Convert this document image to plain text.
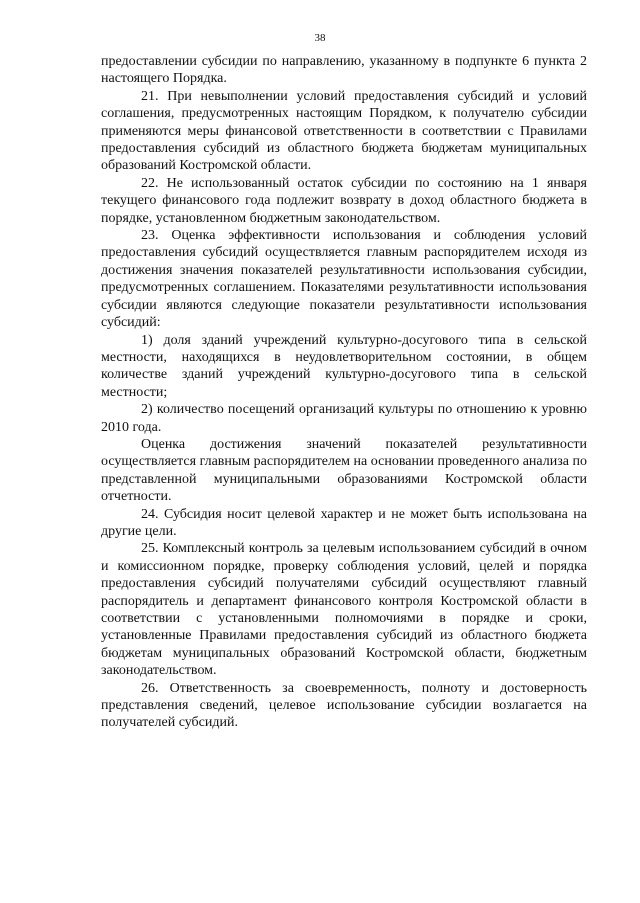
38

предоставлении субсидии по направлению, указанному в подпункте 6 пункта 2 настоящего Порядка.

21. При невыполнении условий предоставления субсидий и условий соглашения, предусмотренных настоящим Порядком, к получателю субсидии применяются меры финансовой ответственности в соответствии с Правилами предоставления субсидий из областного бюджета бюджетам муниципальных образований Костромской области.

22. Не использованный остаток субсидии по состоянию на 1 января текущего финансового года подлежит возврату в доход областного бюджета в порядке, установленном бюджетным законодательством.

23. Оценка эффективности использования и соблюдения условий предоставления субсидий осуществляется главным распорядителем исходя из достижения значения показателей результативности использования субсидии, предусмотренных соглашением. Показателями результативности использования субсидии являются следующие показатели результативности использования субсидий:

1) доля зданий учреждений культурно-досугового типа в сельской местности, находящихся в неудовлетворительном состоянии, в общем количестве зданий учреждений культурно-досугового типа в сельской местности;

2) количество посещений организаций культуры по отношению к уровню 2010 года.

Оценка достижения значений показателей результативности осуществляется главным распорядителем на основании проведенного анализа по представленной муниципальными образованиями Костромской области отчетности.

24. Субсидия носит целевой характер и не может быть использована на другие цели.

25. Комплексный контроль за целевым использованием субсидий в очном и комиссионном порядке, проверку соблюдения условий, целей и порядка предоставления субсидий получателями субсидий осуществляют главный распорядитель и департамент финансового контроля Костромской области в соответствии с установленными полномочиями в порядке и сроки, установленные Правилами предоставления субсидий из областного бюджета бюджетам муниципальных образований Костромской области, бюджетным законодательством.

26. Ответственность за своевременность, полноту и достоверность представления сведений, целевое использование субсидии возлагается на получателей субсидий.
